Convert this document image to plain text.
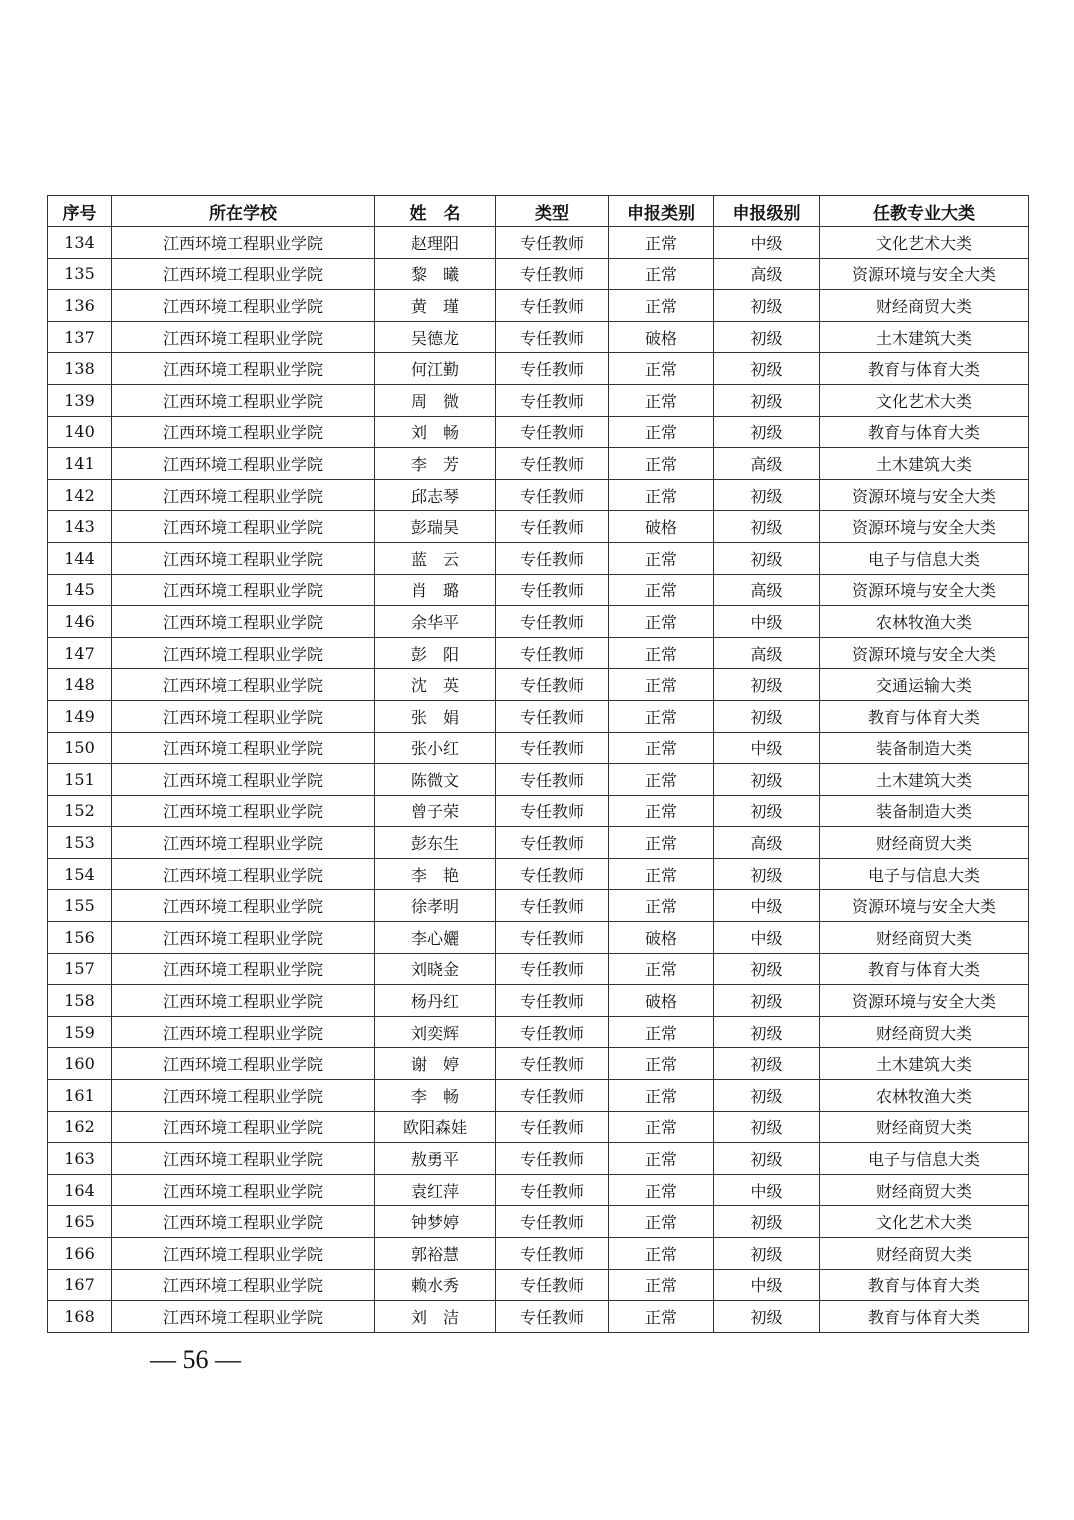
序号	所在学校	姓　名	类型	申报类别	申报级别	任教专业大类
134	江西环境工程职业学院	赵理阳	专任教师	正常	中级	文化艺术大类
135	江西环境工程职业学院	黎　曦	专任教师	正常	高级	资源环境与安全大类
136	江西环境工程职业学院	黄　瑾	专任教师	正常	初级	财经商贸大类
137	江西环境工程职业学院	吴德龙	专任教师	破格	初级	土木建筑大类
138	江西环境工程职业学院	何江勤	专任教师	正常	初级	教育与体育大类
139	江西环境工程职业学院	周　微	专任教师	正常	初级	文化艺术大类
140	江西环境工程职业学院	刘　畅	专任教师	正常	初级	教育与体育大类
141	江西环境工程职业学院	李　芳	专任教师	正常	高级	土木建筑大类
142	江西环境工程职业学院	邱志琴	专任教师	正常	初级	资源环境与安全大类
143	江西环境工程职业学院	彭瑞昊	专任教师	破格	初级	资源环境与安全大类
144	江西环境工程职业学院	蓝　云	专任教师	正常	初级	电子与信息大类
145	江西环境工程职业学院	肖　璐	专任教师	正常	高级	资源环境与安全大类
146	江西环境工程职业学院	余华平	专任教师	正常	中级	农林牧渔大类
147	江西环境工程职业学院	彭　阳	专任教师	正常	高级	资源环境与安全大类
148	江西环境工程职业学院	沈　英	专任教师	正常	初级	交通运输大类
149	江西环境工程职业学院	张　娟	专任教师	正常	初级	教育与体育大类
150	江西环境工程职业学院	张小红	专任教师	正常	中级	装备制造大类
151	江西环境工程职业学院	陈微文	专任教师	正常	初级	土木建筑大类
152	江西环境工程职业学院	曾子荣	专任教师	正常	初级	装备制造大类
153	江西环境工程职业学院	彭东生	专任教师	正常	高级	财经商贸大类
154	江西环境工程职业学院	李　艳	专任教师	正常	初级	电子与信息大类
155	江西环境工程职业学院	徐孝明	专任教师	正常	中级	资源环境与安全大类
156	江西环境工程职业学院	李心孋	专任教师	破格	中级	财经商贸大类
157	江西环境工程职业学院	刘晓金	专任教师	正常	初级	教育与体育大类
158	江西环境工程职业学院	杨丹红	专任教师	破格	初级	资源环境与安全大类
159	江西环境工程职业学院	刘奕辉	专任教师	正常	初级	财经商贸大类
160	江西环境工程职业学院	谢　婷	专任教师	正常	初级	土木建筑大类
161	江西环境工程职业学院	李　畅	专任教师	正常	初级	农林牧渔大类
162	江西环境工程职业学院	欧阳森娃	专任教师	正常	初级	财经商贸大类
163	江西环境工程职业学院	敖勇平	专任教师	正常	初级	电子与信息大类
164	江西环境工程职业学院	袁红萍	专任教师	正常	中级	财经商贸大类
165	江西环境工程职业学院	钟梦婷	专任教师	正常	初级	文化艺术大类
166	江西环境工程职业学院	郭裕慧	专任教师	正常	初级	财经商贸大类
167	江西环境工程职业学院	赖水秀	专任教师	正常	中级	教育与体育大类
168	江西环境工程职业学院	刘　洁	专任教师	正常	初级	教育与体育大类
— 56 —
